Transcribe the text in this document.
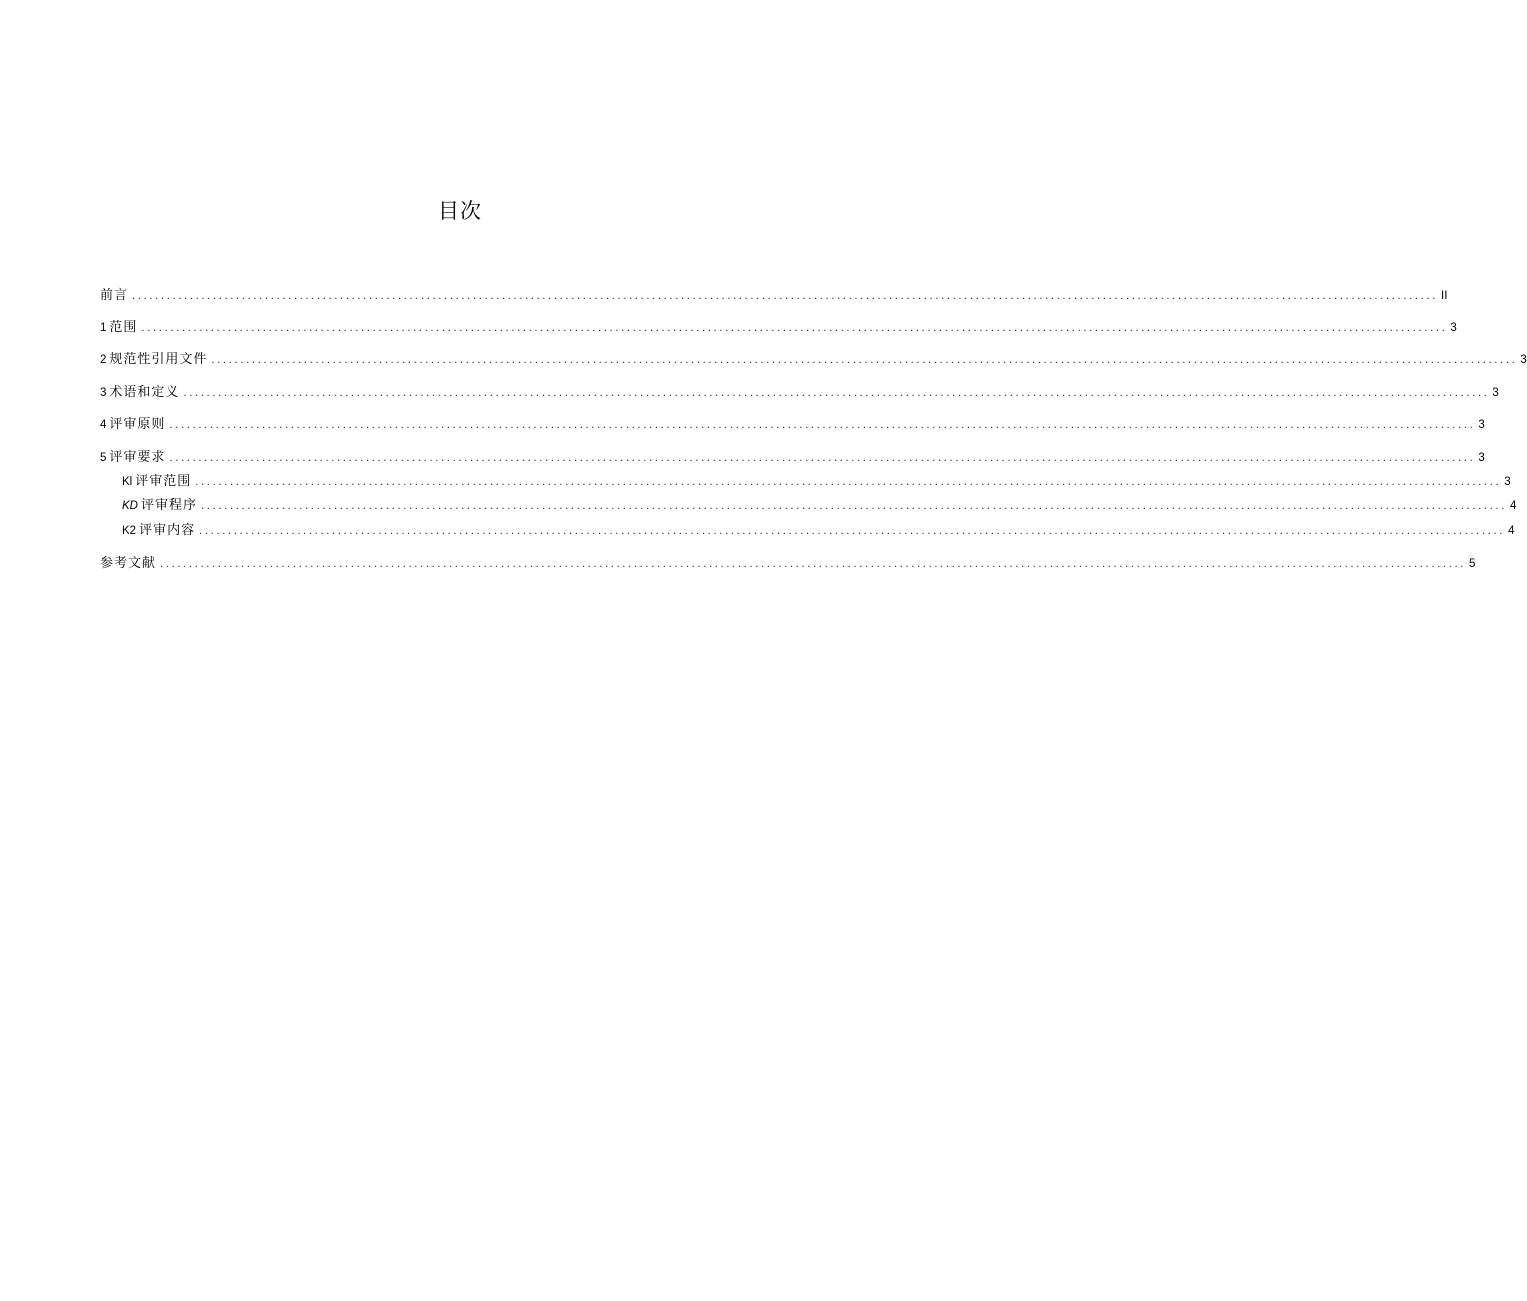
目次
前言 .................................................................................................................................................................................................................................. II
1 范围 .................................................................................................................................................................................................................................. 3
2 规范性引用文件 .................................................................................................................................................................................................................................. 3
3 术语和定义 .................................................................................................................................................................................................................................. 3
4 评审原则 .................................................................................................................................................................................................................................. 3
5 评审要求 .................................................................................................................................................................................................................................. 3
Kl 评审范围 .................................................................................................................................................................................................................................. 3
KD 评审程序 .................................................................................................................................................................................................................................. 4
K2 评审内容 .................................................................................................................................................................................................................................. 4
参考文献 .................................................................................................................................................................................................................................. 5
